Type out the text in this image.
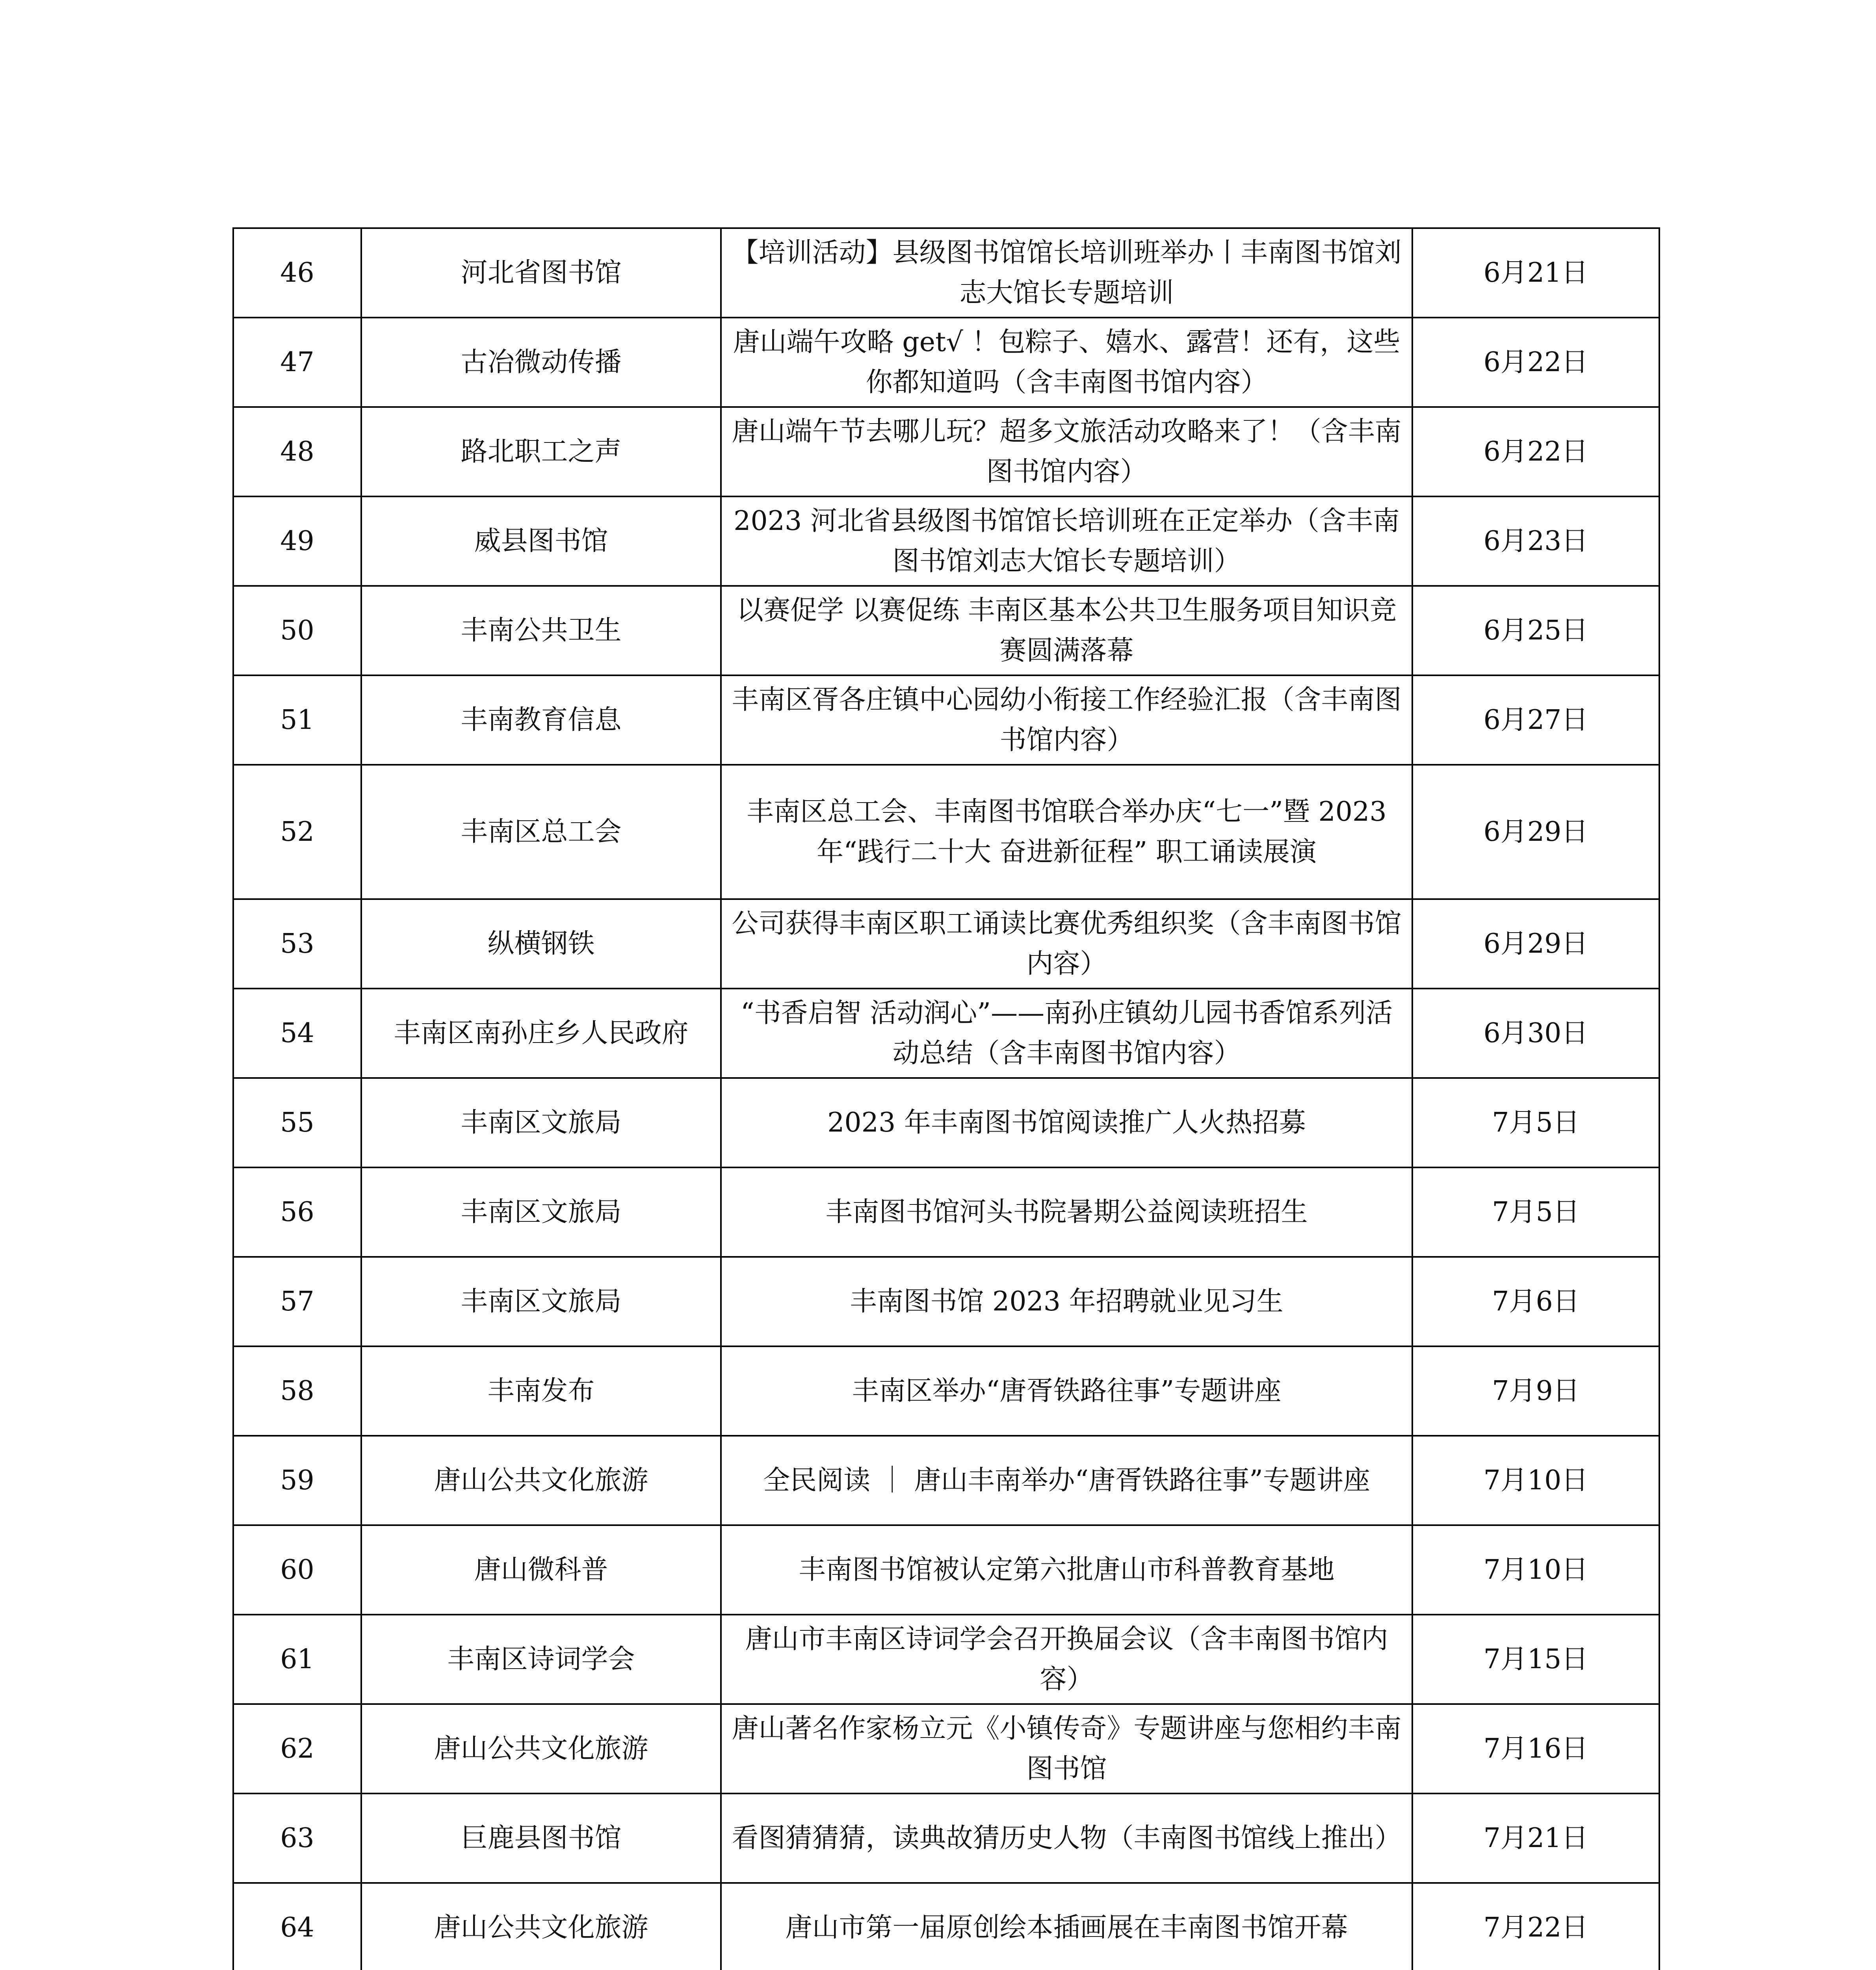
46	河北省图书馆	【培训活动】县级图书馆馆长培训班举办丨丰南图书馆刘志大馆长专题培训	6月21日
47	古冶微动传播	唐山端午攻略 get√ ！包粽子、嬉水、露营！还有，这些你都知道吗（含丰南图书馆内容）	6月22日
48	路北职工之声	唐山端午节去哪儿玩？超多文旅活动攻略来了！（含丰南图书馆内容）	6月22日
49	威县图书馆	2023 河北省县级图书馆馆长培训班在正定举办（含丰南图书馆刘志大馆长专题培训）	6月23日
50	丰南公共卫生	以赛促学 以赛促练 丰南区基本公共卫生服务项目知识竞赛圆满落幕	6月25日
51	丰南教育信息	丰南区胥各庄镇中心园幼小衔接工作经验汇报（含丰南图书馆内容）	6月27日
52	丰南区总工会	丰南区总工会、丰南图书馆联合举办庆“七一”暨 2023 年“践行二十大 奋进新征程” 职工诵读展演	6月29日
53	纵横钢铁	公司获得丰南区职工诵读比赛优秀组织奖（含丰南图书馆内容）	6月29日
54	丰南区南孙庄乡人民政府	“书香启智 活动润心”——南孙庄镇幼儿园书香馆系列活动总结（含丰南图书馆内容）	6月30日
55	丰南区文旅局	2023 年丰南图书馆阅读推广人火热招募	7月5日
56	丰南区文旅局	丰南图书馆河头书院暑期公益阅读班招生	7月5日
57	丰南区文旅局	丰南图书馆 2023 年招聘就业见习生	7月6日
58	丰南发布	丰南区举办“唐胥铁路往事”专题讲座	7月9日
59	唐山公共文化旅游	全民阅读 ｜ 唐山丰南举办“唐胥铁路往事”专题讲座	7月10日
60	唐山微科普	丰南图书馆被认定第六批唐山市科普教育基地	7月10日
61	丰南区诗词学会	唐山市丰南区诗词学会召开换届会议（含丰南图书馆内容）	7月15日
62	唐山公共文化旅游	唐山著名作家杨立元《小镇传奇》专题讲座与您相约丰南图书馆	7月16日
63	巨鹿县图书馆	看图猜猜猜，读典故猜历史人物（丰南图书馆线上推出）	7月21日
64	唐山公共文化旅游	唐山市第一届原创绘本插画展在丰南图书馆开幕	7月22日
